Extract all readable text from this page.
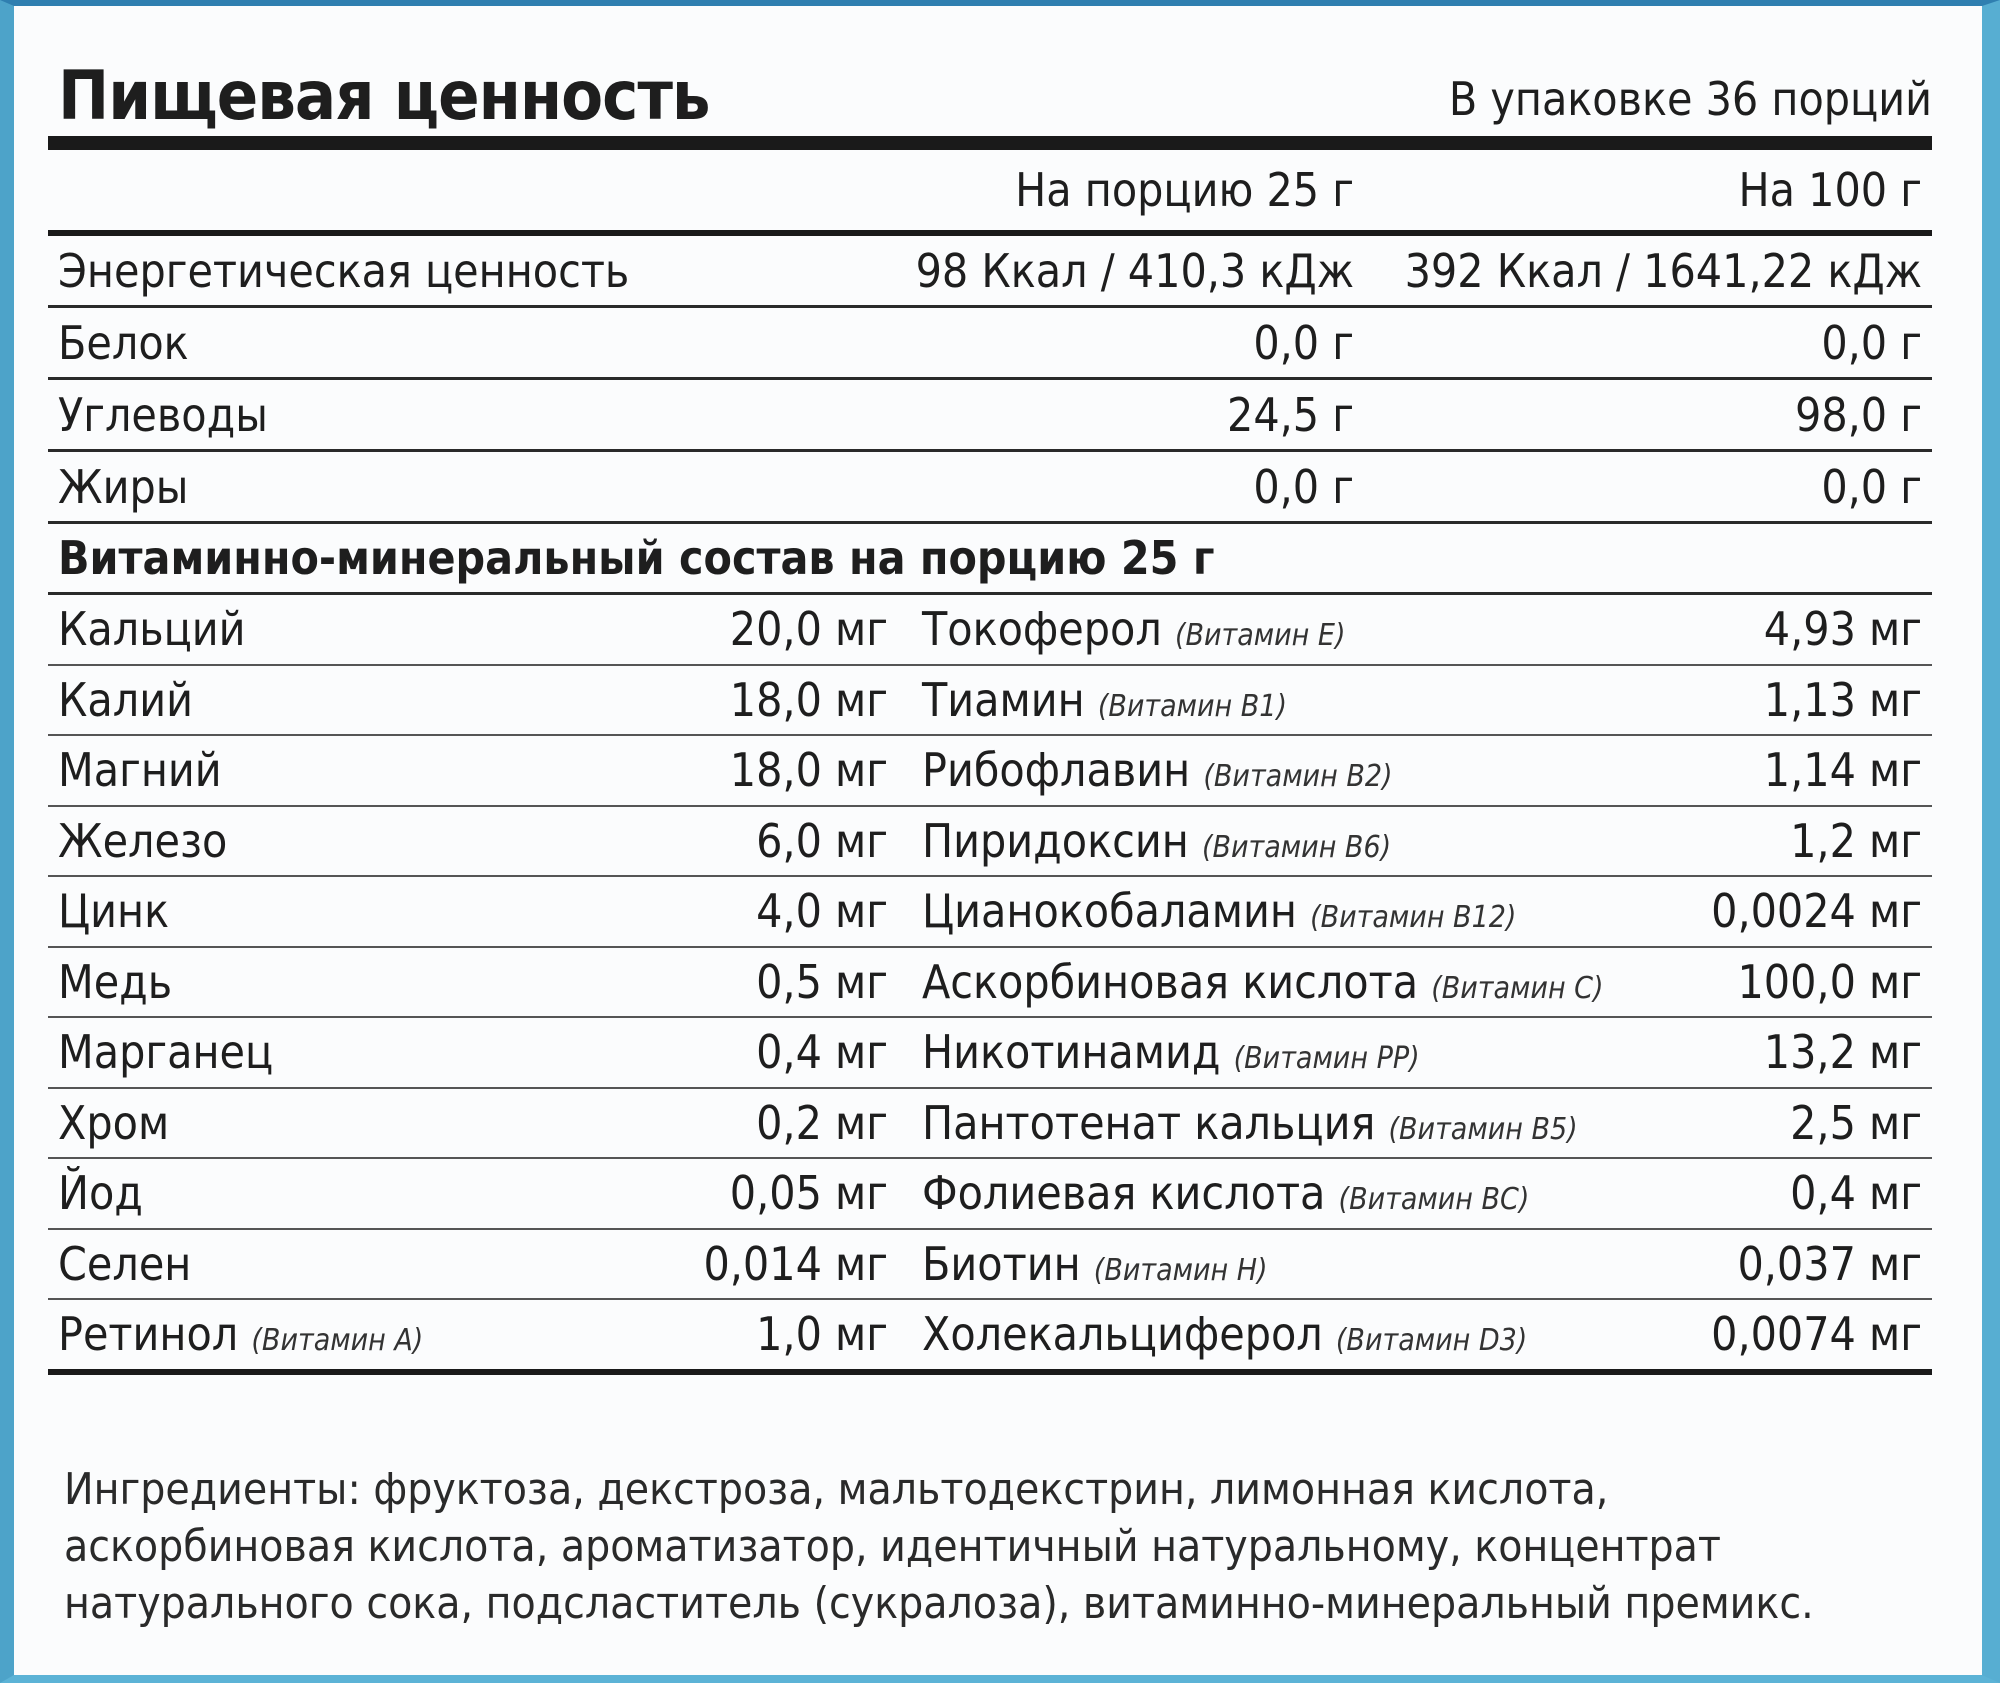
Пищевая ценность	В упаковке 36 порций
На порцию 25 г	На 100 г
Энергетическая ценность	98 Ккал / 410,3 кДж	392 Ккал / 1641,22 кДж
Белок	0,0 г	0,0 г
Углеводы	24,5 г	98,0 г
Жиры	0,0 г	0,0 г
Витаминно-минеральный состав на порцию 25 г
Кальций	20,0 мг Токоферол (Витамин Е)	4,93 мг
Калий	18,0 мг Тиамин (Витамин В1)	1,13 мг
Магний	18,0 мг Рибофлавин (Витамин В2)	1,14 мг
Железо	6,0 мг Пиридоксин (Витамин В6)	1,2 мг
Цинк	4,0 мг Цианокобаламин (Витамин В12)	0,0024 мг
Медь	0,5 мг Аскорбиновая кислота (Витамин С)	100,0 мг
Марганец	0,4 мг Никотинамид (Витамин РР)	13,2 мг
Хром	0,2 мг Пантотенат кальция (Витамин В5)	2,5 мг
Йод	0,05 мг Фолиевая кислота (Витамин ВС)	0,4 мг
Селен	0,014 мг Биотин (Витамин Н)	0,037 мг
Ретинол (Витамин А)	1,0 мг Холекальциферол (Витамин D3)	0,0074 мг
Ингредиенты: фруктоза, декстроза, мальтодекстрин, лимонная кислота, аскорбиновая кислота, ароматизатор, идентичный натуральному, концентрат натурального сока, подсластитель (сукралоза), витаминно-минеральный премикс.
